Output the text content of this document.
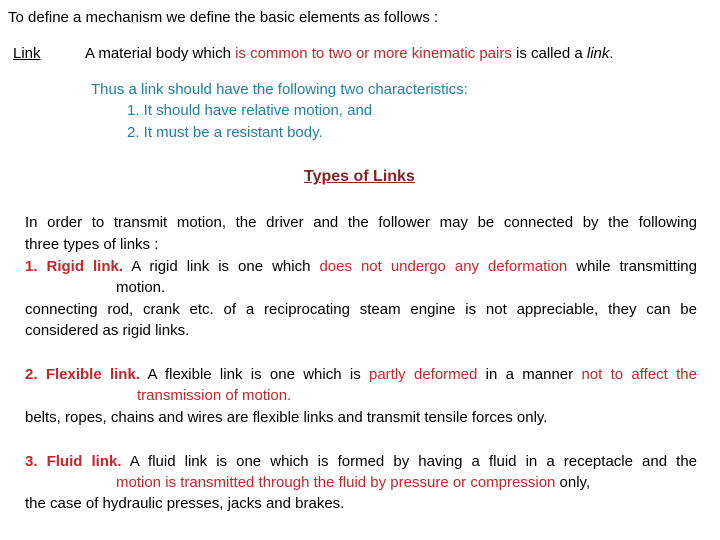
To define a mechanism we define the basic elements as follows :
Link	A material body which is common to two or more kinematic pairs is called a link.
Thus a link should have the following two characteristics:
1. It should have relative motion, and
2. It must be a resistant body.
Types of Links
In order to transmit motion, the driver and the follower may be connected by the following
three types of links :
1. Rigid link. A rigid link is one which does not undergo any deformation while transmitting
motion.
connecting rod, crank etc. of a reciprocating steam engine is not appreciable, they can be
considered as rigid links.
2. Flexible link. A flexible link is one which is partly deformed in a manner not to affect the
transmission of motion.
belts, ropes, chains and wires are flexible links and transmit tensile forces only.
3. Fluid link. A fluid link is one which is formed by having a fluid in a receptacle and the
motion is transmitted through the fluid by pressure or compression only,
the case of hydraulic presses, jacks and brakes.
